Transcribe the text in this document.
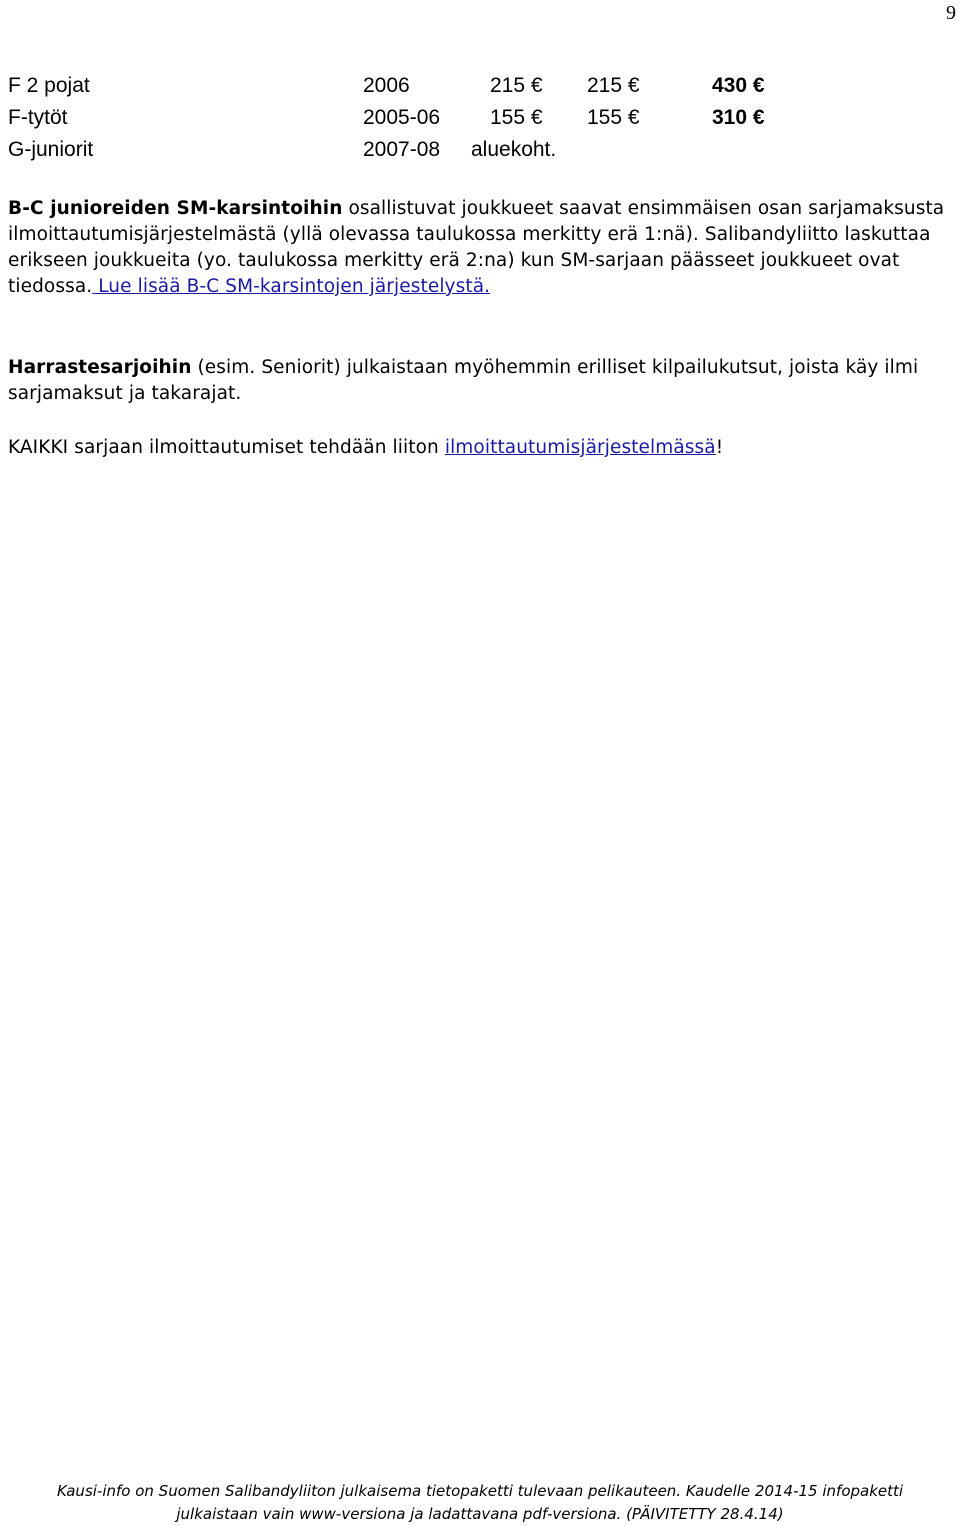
9
F 2 pojat	2006	215 € 215 €	430 €
F-tytöt	2005-06 155 € 155 €	310 €
G-juniorit	2007-08 aluekoht.

B-C junioreiden SM-karsintoihin osallistuvat joukkueet saavat ensimmäisen osan sarjamaksusta ilmoittautumisjärjestelmästä (yllä olevassa taulukossa merkitty erä 1:nä). Salibandyliitto laskuttaa erikseen joukkueita (yo. taulukossa merkitty erä 2:na) kun SM-sarjaan päässeet joukkueet ovat tiedossa. Lue lisää B-C SM-karsintojen järjestelystä.

Harrastesarjoihin (esim. Seniorit) julkaistaan myöhemmin erilliset kilpailukutsut, joista käy ilmi sarjamaksut ja takarajat.

KAIKKI sarjaan ilmoittautumiset tehdään liiton ilmoittautumisjärjestelmässä!

Kausi-info on Suomen Salibandyliiton julkaisema tietopaketti tulevaan pelikauteen. Kaudelle 2014-15 infopaketti
julkaistaan vain www-versiona ja ladattavana pdf-versiona. (PÄIVITETTY 28.4.14)
